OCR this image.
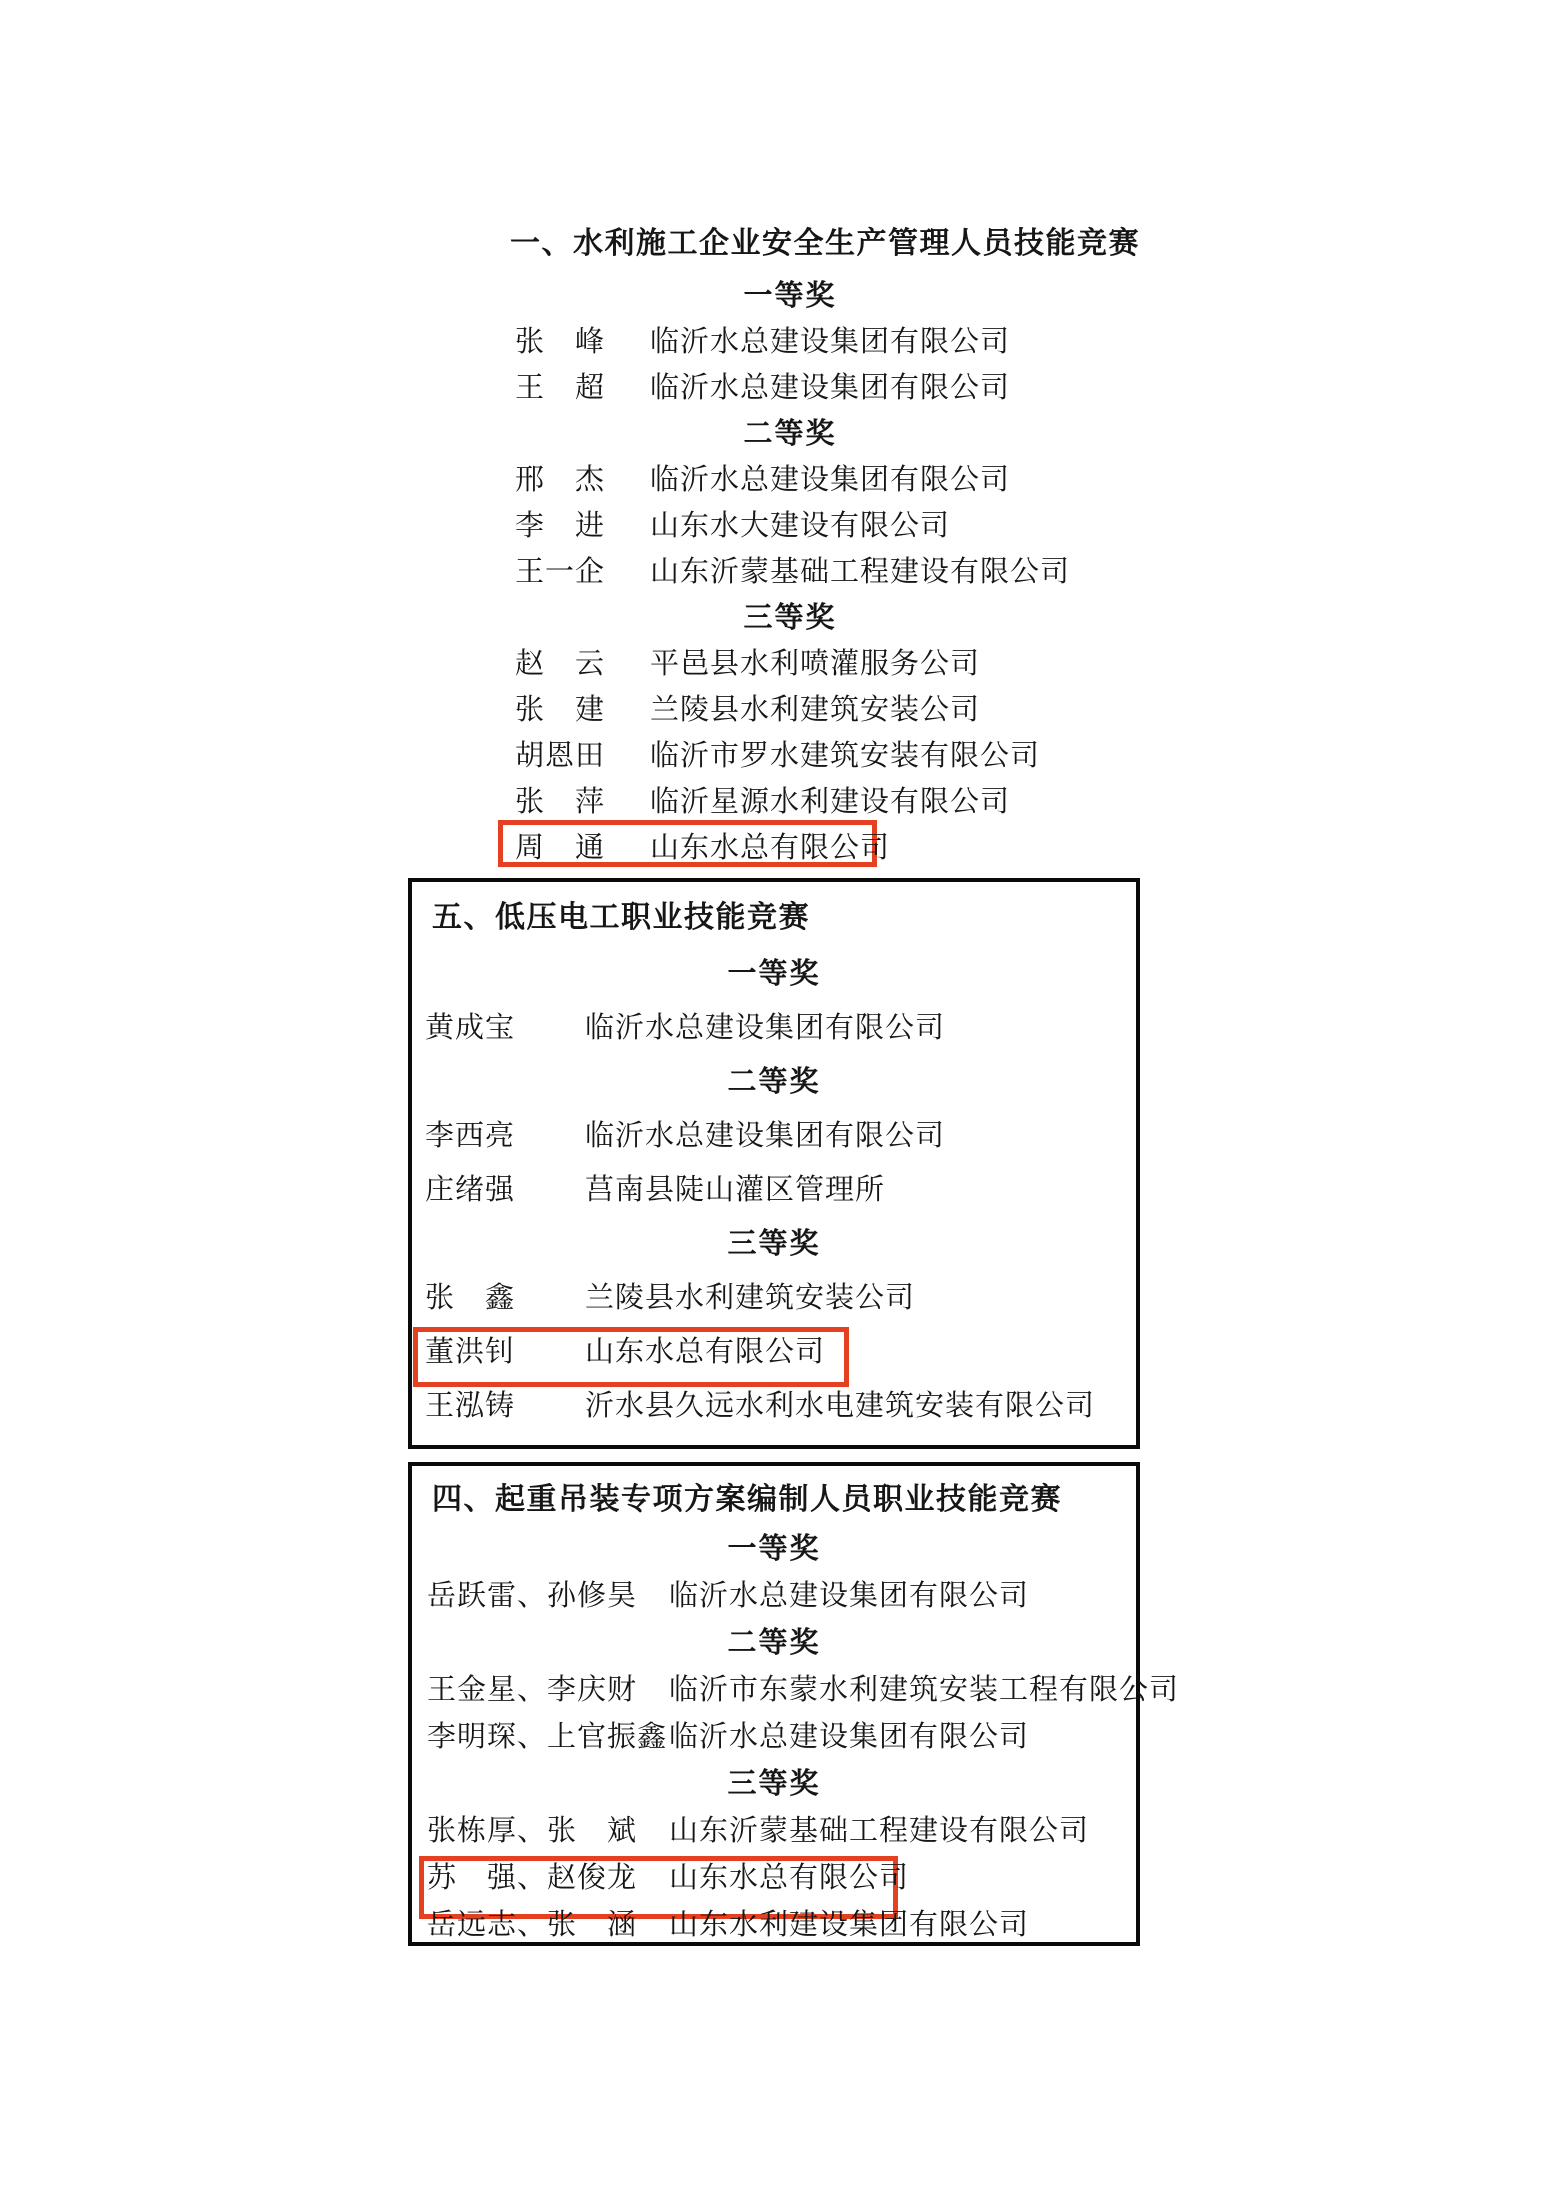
一、水利施工企业安全生产管理人员技能竞赛
一等奖
张　峰 临沂水总建设集团有限公司
王　超 临沂水总建设集团有限公司
二等奖
邢　杰 临沂水总建设集团有限公司
李　进 山东水大建设有限公司
王一企 山东沂蒙基础工程建设有限公司
三等奖
赵　云 平邑县水利喷灌服务公司
张　建 兰陵县水利建筑安装公司
胡恩田 临沂市罗水建筑安装有限公司
张　萍 临沂星源水利建设有限公司
周　通 山东水总有限公司
五、低压电工职业技能竞赛
一等奖
黄成宝 临沂水总建设集团有限公司
二等奖
李西亮 临沂水总建设集团有限公司
庄绪强 莒南县陡山灌区管理所
三等奖
张　鑫 兰陵县水利建筑安装公司
董洪钊 山东水总有限公司
王泓铸 沂水县久远水利水电建筑安装有限公司
四、起重吊装专项方案编制人员职业技能竞赛
一等奖
岳跃雷、孙修昊 临沂水总建设集团有限公司
二等奖
王金星、李庆财 临沂市东蒙水利建筑安装工程有限公司
李明琛、上官振鑫 临沂水总建设集团有限公司
三等奖
张栋厚、张　斌 山东沂蒙基础工程建设有限公司
苏　强、赵俊龙 山东水总有限公司
岳远志、张　涵 山东水利建设集团有限公司
